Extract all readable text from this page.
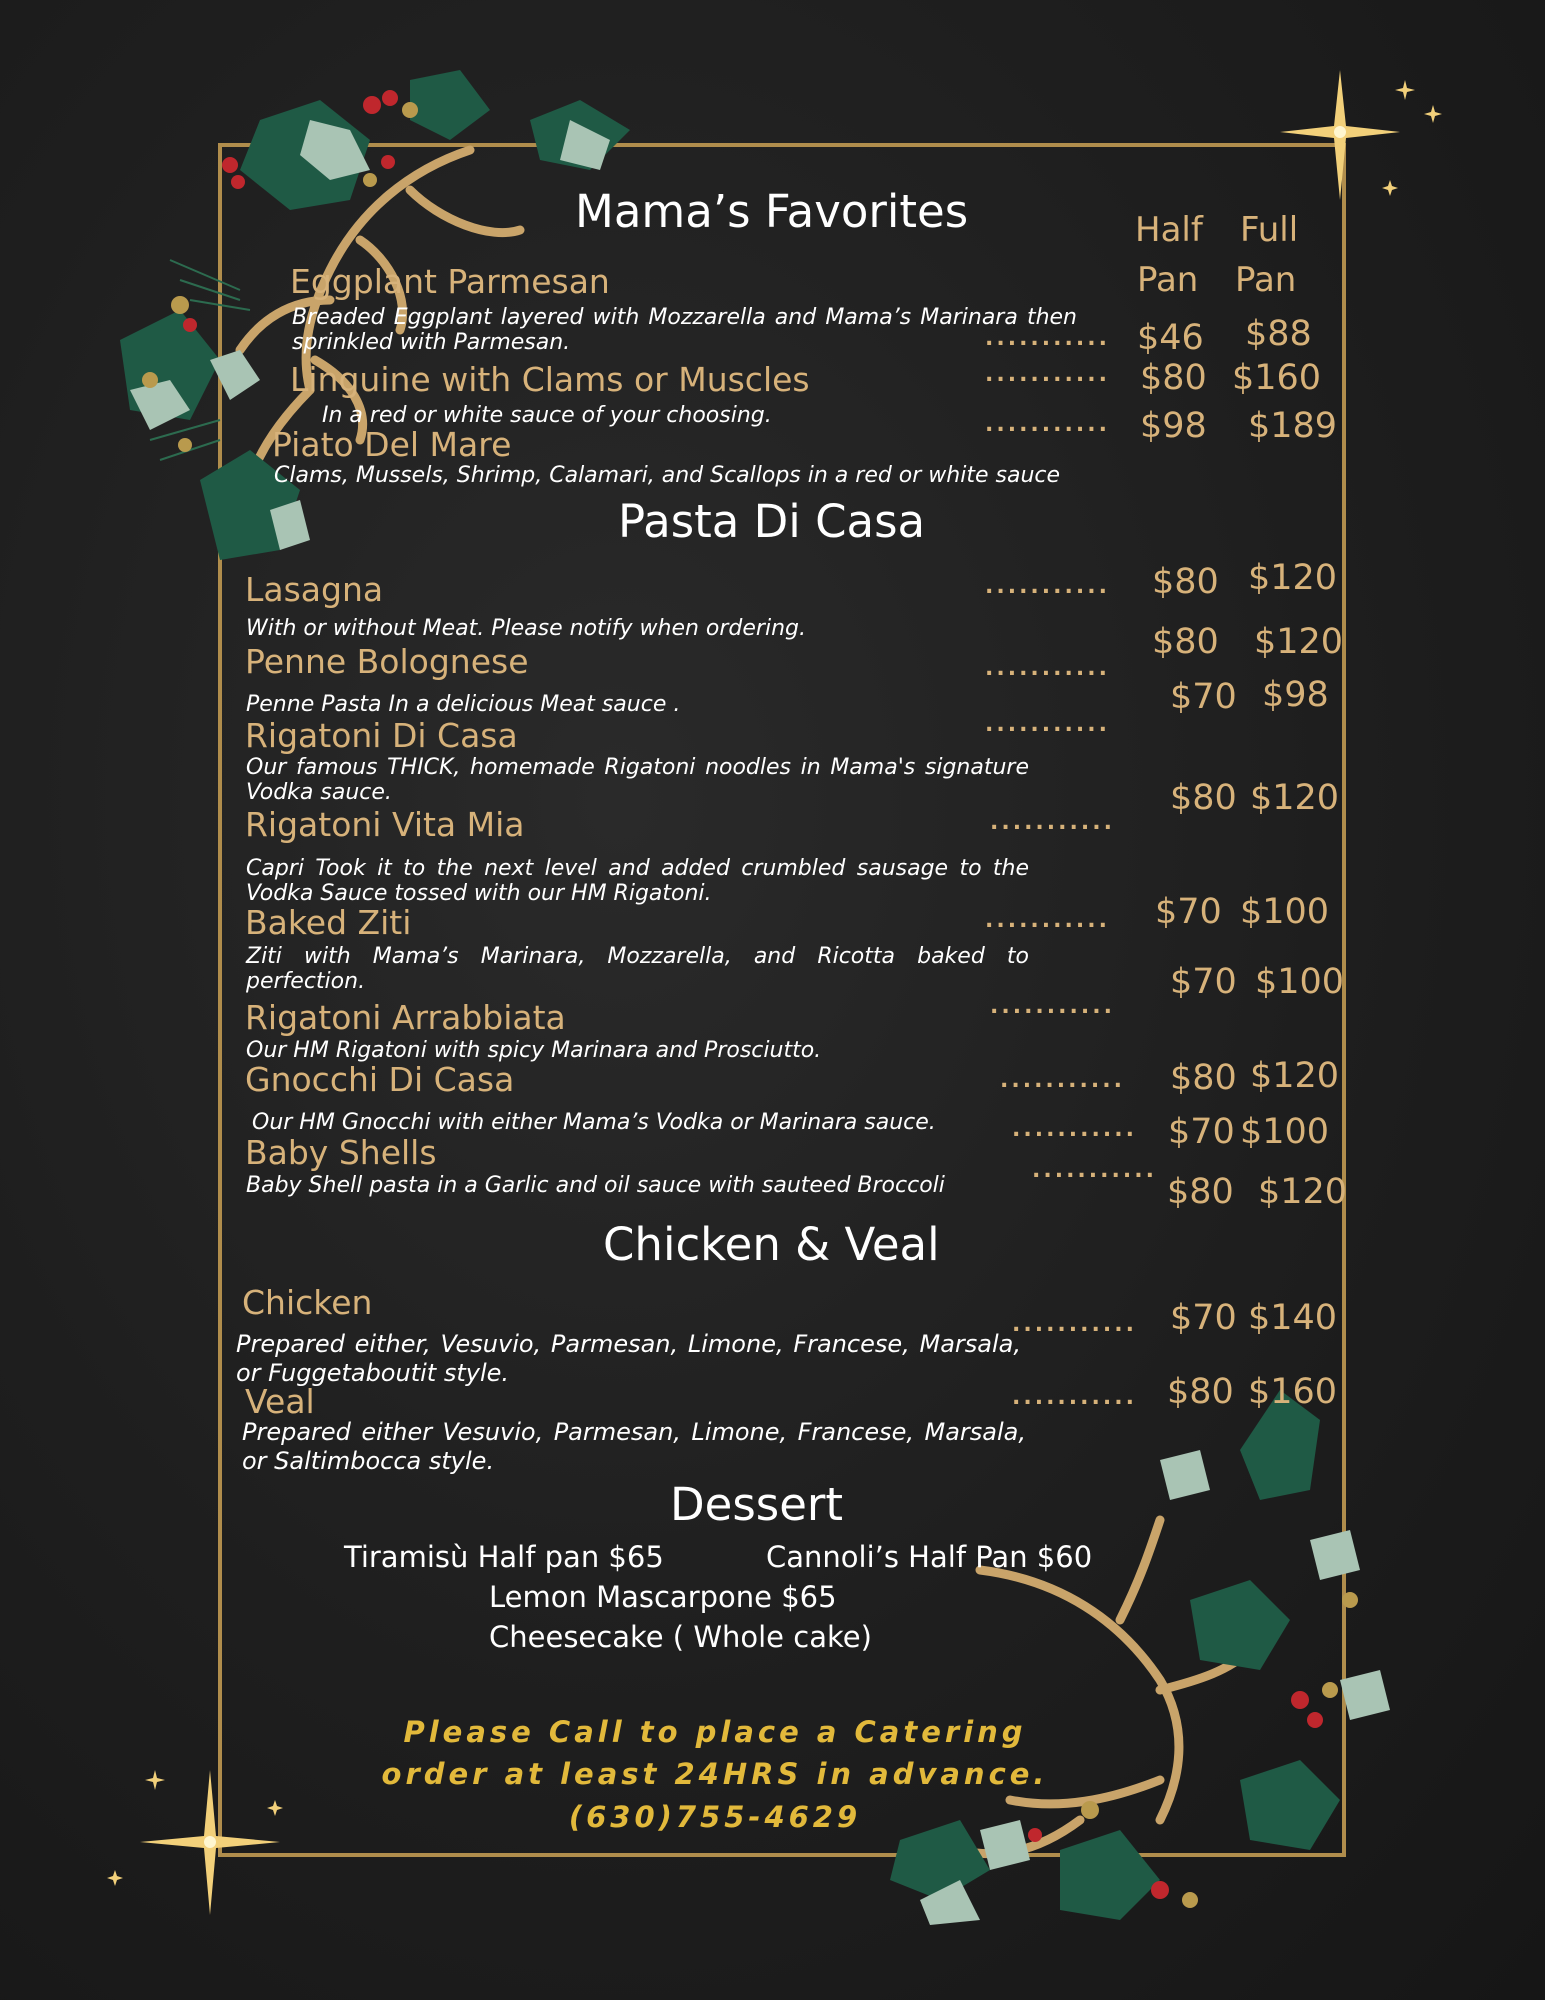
Half
Pan
Full
Pan
Mama’s Favorites
Eggplant Parmesan
Breaded Eggplant layered with Mozzarella and Mama’s Marinara then sprinkled with Parmesan.	........... $46 $88
Linguine with Clams or Muscles
In a red or white sauce of your choosing.
........... $80 $160
Piato Del Mare
Clams, Mussels, Shrimp, Calamari, and Scallops in a red or white sauce
........... $98 $189
Pasta Di Casa
Lasagna
With or without Meat. Please notify when ordering.
........... $80 $120
Penne Bolognese
Penne Pasta In a delicious Meat sauce .
...........
$80 $120
Rigatoni Di Casa
Our famous THICK, homemade Rigatoni noodles in Mama's signature Vodka sauce.
...........
$70 $98
Rigatoni Vita Mia
Capri Took it to the next level and added crumbled sausage to the Vodka Sauce tossed with our HM Rigatoni.
...........
$80 $120
Baked Ziti
Ziti with Mama’s Marinara, Mozzarella, and Ricotta baked to perfection.
........... $70 $100
Rigatoni Arrabbiata
Our HM Rigatoni with spicy Marinara and Prosciutto.
...........
$70 $100
Gnocchi Di Casa
Our HM Gnocchi with either Mama’s Vodka or Marinara sauce.
........... $80 $120
Baby Shells
Baby Shell pasta in a Garlic and oil sauce with sauteed Broccoli
...........
...........
$70 $100
$80 $120
Chicken & Veal
Chicken
Prepared either, Vesuvio, Parmesan, Limone, Francese, Marsala, or Fuggetaboutit style.
........... $70 $140
Veal
Prepared either Vesuvio, Parmesan, Limone, Francese, Marsala, or Saltimbocca style.
........... $80 $160
Dessert
Tiramisù Half pan $65	Cannoli’s Half Pan $60
Lemon Mascarpone $65
Cheesecake ( Whole cake)
Please Call to place a Catering
order at least 24HRS in advance.
(630)755-4629
